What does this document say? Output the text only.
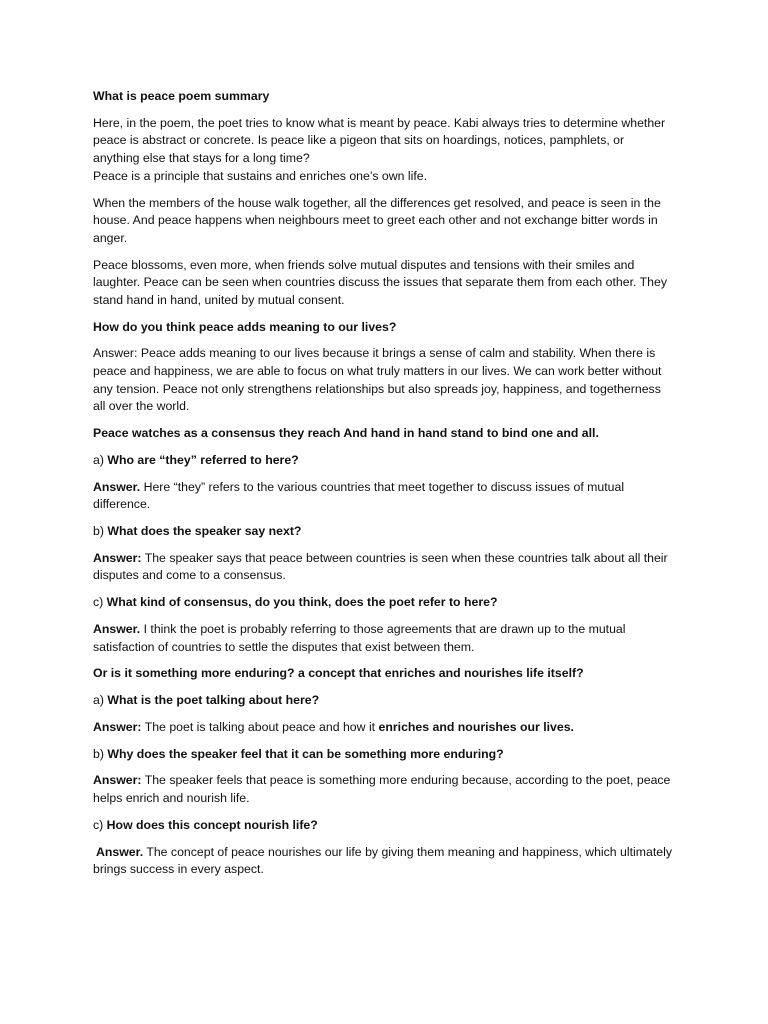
What is peace poem summary

Here, in the poem, the poet tries to know what is meant by peace. Kabi always tries to determine whether peace is abstract or concrete. Is peace like a pigeon that sits on hoardings, notices, pamphlets, or anything else that stays for a long time?
Peace is a principle that sustains and enriches one’s own life.

When the members of the house walk together, all the differences get resolved, and peace is seen in the house. And peace happens when neighbours meet to greet each other and not exchange bitter words in anger.

Peace blossoms, even more, when friends solve mutual disputes and tensions with their smiles and laughter. Peace can be seen when countries discuss the issues that separate them from each other. They stand hand in hand, united by mutual consent.

How do you think peace adds meaning to our lives?

Answer: Peace adds meaning to our lives because it brings a sense of calm and stability. When there is peace and happiness, we are able to focus on what truly matters in our lives. We can work better without any tension. Peace not only strengthens relationships but also spreads joy, happiness, and togetherness all over the world.

Peace watches as a consensus they reach And hand in hand stand to bind one and all.

a) Who are “they” referred to here?

Answer. Here “they” refers to the various countries that meet together to discuss issues of mutual difference.

b) What does the speaker say next?

Answer: The speaker says that peace between countries is seen when these countries talk about all their disputes and come to a consensus.

c) What kind of consensus, do you think, does the poet refer to here?

Answer. I think the poet is probably referring to those agreements that are drawn up to the mutual satisfaction of countries to settle the disputes that exist between them.

Or is it something more enduring? a concept that enriches and nourishes life itself?

a) What is the poet talking about here?

Answer: The poet is talking about peace and how it enriches and nourishes our lives.

b) Why does the speaker feel that it can be something more enduring?

Answer: The speaker feels that peace is something more enduring because, according to the poet, peace helps enrich and nourish life.

c) How does this concept nourish life?

Answer. The concept of peace nourishes our life by giving them meaning and happiness, which ultimately brings success in every aspect.
